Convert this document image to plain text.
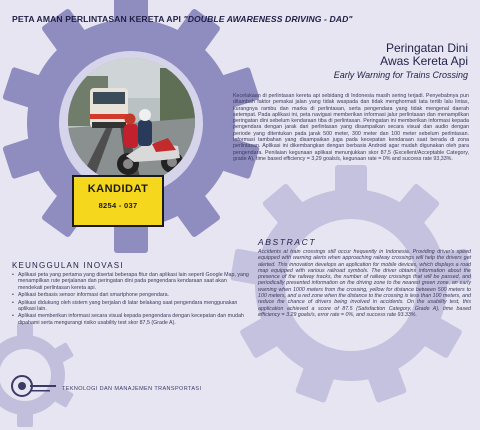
PETA AMAN PERLINTASAN KERETA API "DOUBLE AWARENESS DRIVING - DAD"
KANDIDAT
8254 - 037
Peringatan Dini
Awas Kereta Api
Early Warning for Trains Crossing

Kecelakaan di perlintasan kereta api sebidang di Indonesia masih sering terjadi. Penyebabnya pun ditambah faktor pemakai jalan yang tidak waspada dan tidak menghormati tata tertib lalu lintas, kurangnya rambu dan marka di perlintasan, serta pengendara yang tidak mengenal daerah setempat. Pada aplikasi ini, peta navigasi memberikan informasi jalur perlintasan dan menampilkan peringatan dini sebelum kendaraan tiba di perlintasan. Peringatan ini memberikan informasi kepada pengendara dengan jarak dari perlintasan yang disampaikan secara visual dan audio dengan periode yang ditentukan pada jarak 500 meter, 300 meter dan 100 meter sebelum perlintasan. Informasi tambahan yang disampaikan juga pada kecepatan kendaraan saat berada di zona perlintasan. Aplikasi ini dikembangkan dengan berbasis Android agar mudah digunakan oleh para pengendara. Penilaian kegunaan aplikasi menunjukkan skor 87,5 (Excellent/Acceptable Category, grade A), time based efficiency = 3,29 goals/s, kegunaan rate = 0% and success rate 93,33%.

ABSTRACT

Accidents at train crossings still occur frequently in Indonesia. Providing driver's speed equipped with warning alerts when approaching railway crossings will help the drivers get alerted. This innovation develops an application for mobile devices, which displays a road map equipped with various railroad symbols. The driver obtains information about the presence of the railway tracks, the number of railway crossings that will be passed, and periodically presented information on the driving zone to the nearest green zone, an early warning when 1000 meters from the crossing, yellow for distance between 500 meters to 100 meters, and a red zone when the distance to the crossing is less than 100 meters, and reduce the chance of drivers being involved in accidents. On the usability test, this application achieved a score of 87.5 (Satisfaction Category, Grade A), time based efficiency = 3.29 goals/s, error rate = 0%, and success rate 93.33%.

KEUNGGULAN INOVASI
• Aplikasi peta yang pertama yang disertai beberapa fitur dan aplikasi lain seperti Google Map, yang menampilkan rute perjalanan dan peringatan dini pada pengendara kendaraan saat akan mendekati perlintasan kereta api.
• Aplikasi berbasis sensor informasi dari smartphone pengendara.
• Aplikasi didukung oleh sistem yang berjalan di latar belakang saat pengendara menggunakan aplikasi lain.
• Aplikasi memberikan informasi secara visual kepada pengendara dengan kecepatan dan mudah dipahami serta mengurangi risiko usability test skor 87,5 (Grade A).
TEKNOLOGI DAN MANAJEMEN TRANSPORTASI
